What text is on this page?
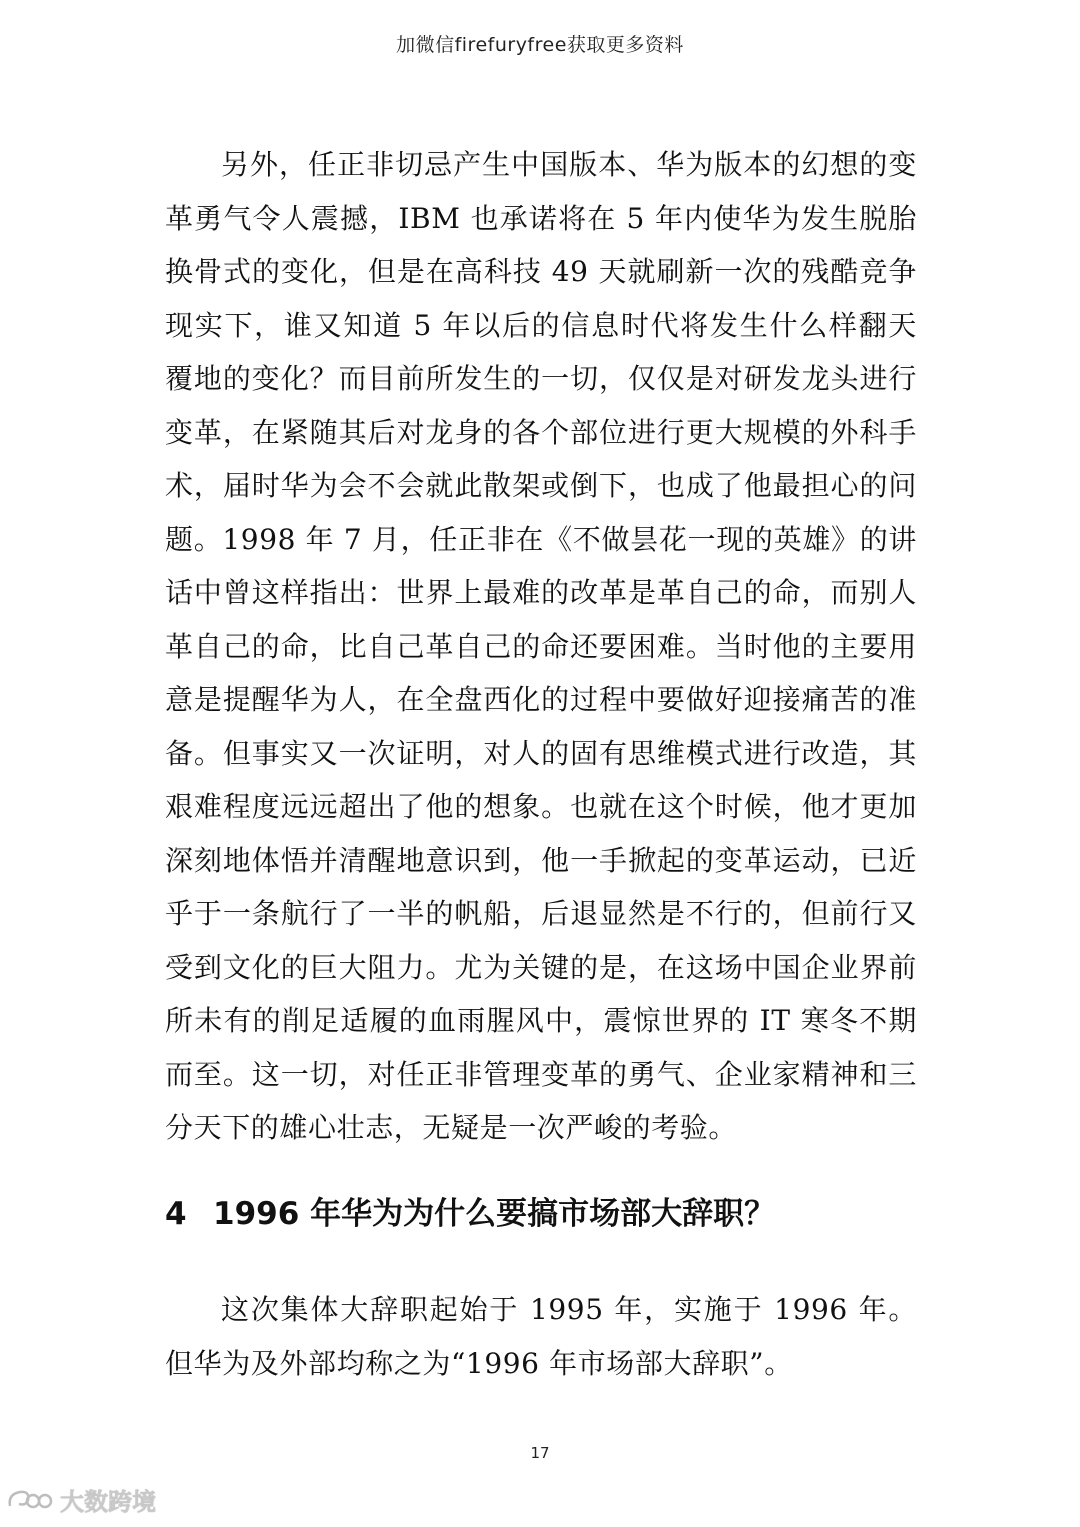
加微信firefuryfree获取更多资料

另外，任正非切忌产生中国版本、华为版本的幻想的变革勇气令人震撼，IBM 也承诺将在 5 年内使华为发生脱胎换骨式的变化，但是在高科技 49 天就刷新一次的残酷竞争现实下，谁又知道 5 年以后的信息时代将发生什么样翻天覆地的变化？而目前所发生的一切，仅仅是对研发龙头进行变革，在紧随其后对龙身的各个部位进行更大规模的外科手术，届时华为会不会就此散架或倒下，也成了他最担心的问题。1998 年 7 月，任正非在《不做昙花一现的英雄》的讲话中曾这样指出：世界上最难的改革是革自己的命，而别人革自己的命，比自己革自己的命还要困难。当时他的主要用意是提醒华为人，在全盘西化的过程中要做好迎接痛苦的准备。但事实又一次证明，对人的固有思维模式进行改造，其艰难程度远远超出了他的想象。也就在这个时候，他才更加深刻地体悟并清醒地意识到，他一手掀起的变革运动，已近乎于一条航行了一半的帆船，后退显然是不行的，但前行又受到文化的巨大阻力。尤为关键的是，在这场中国企业界前所未有的削足适履的血雨腥风中，震惊世界的 IT 寒冬不期而至。这一切，对任正非管理变革的勇气、企业家精神和三分天下的雄心壮志，无疑是一次严峻的考验。

4 1996 年华为为什么要搞市场部大辞职？

这次集体大辞职起始于 1995 年，实施于 1996 年。但华为及外部均称之为“1996 年市场部大辞职”。

17
大数跨境
